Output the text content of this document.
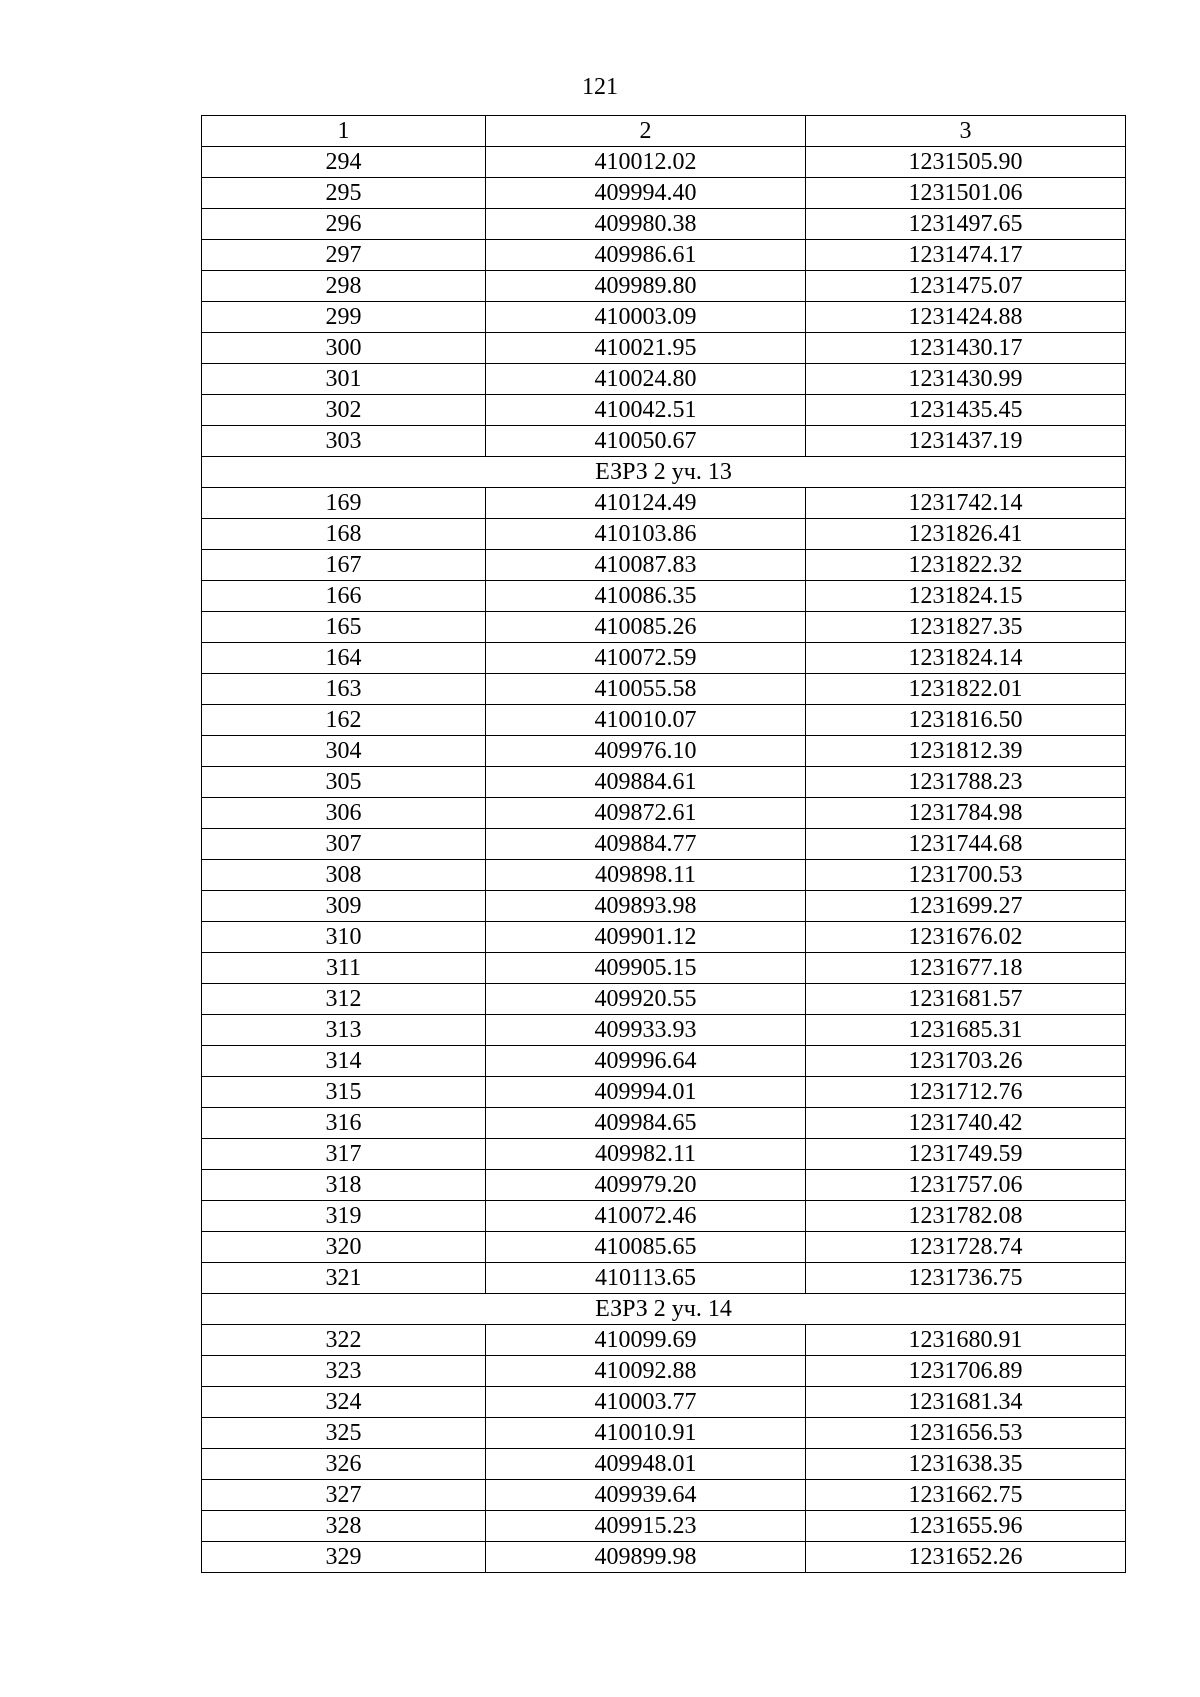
121
1	2	3
294	410012.02	1231505.90
295	409994.40	1231501.06
296	409980.38	1231497.65
297	409986.61	1231474.17
298	409989.80	1231475.07
299	410003.09	1231424.88
300	410021.95	1231430.17
301	410024.80	1231430.99
302	410042.51	1231435.45
303	410050.67	1231437.19
ЕЗРЗ 2 уч. 13		
169	410124.49	1231742.14
168	410103.86	1231826.41
167	410087.83	1231822.32
166	410086.35	1231824.15
165	410085.26	1231827.35
164	410072.59	1231824.14
163	410055.58	1231822.01
162	410010.07	1231816.50
304	409976.10	1231812.39
305	409884.61	1231788.23
306	409872.61	1231784.98
307	409884.77	1231744.68
308	409898.11	1231700.53
309	409893.98	1231699.27
310	409901.12	1231676.02
311	409905.15	1231677.18
312	409920.55	1231681.57
313	409933.93	1231685.31
314	409996.64	1231703.26
315	409994.01	1231712.76
316	409984.65	1231740.42
317	409982.11	1231749.59
318	409979.20	1231757.06
319	410072.46	1231782.08
320	410085.65	1231728.74
321	410113.65	1231736.75
ЕЗРЗ 2 уч. 14		
322	410099.69	1231680.91
323	410092.88	1231706.89
324	410003.77	1231681.34
325	410010.91	1231656.53
326	409948.01	1231638.35
327	409939.64	1231662.75
328	409915.23	1231655.96
329	409899.98	1231652.26
